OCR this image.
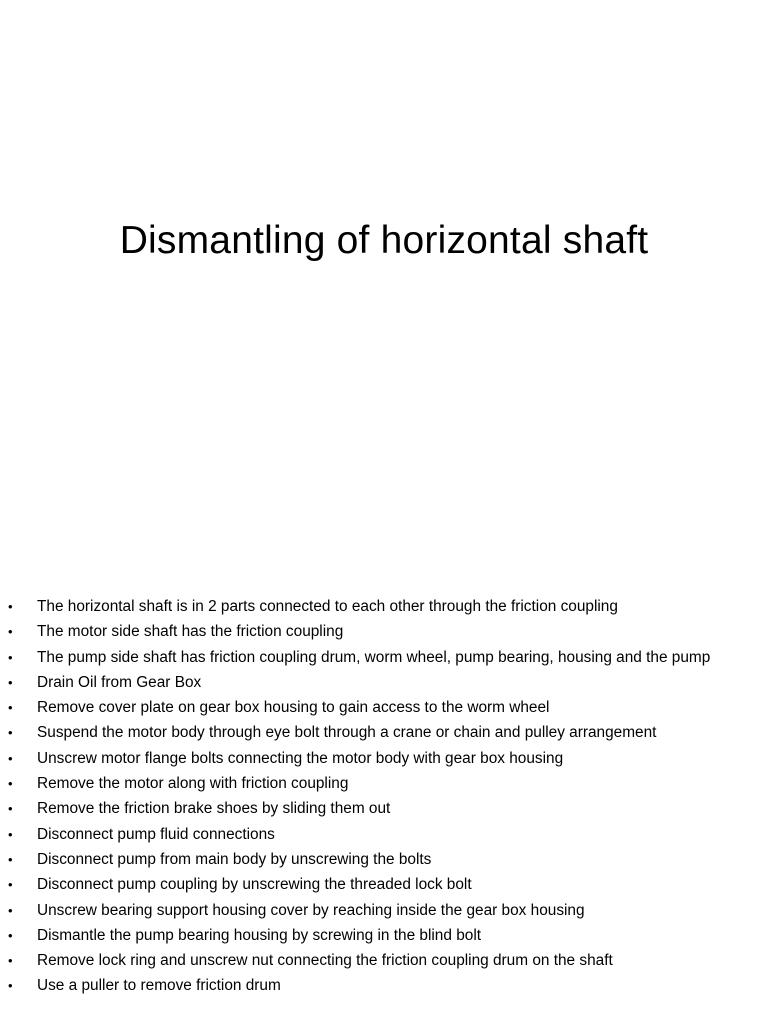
Dismantling of horizontal shaft
• The horizontal shaft is in 2 parts connected to each other through the friction coupling
• The motor side shaft has the friction coupling
• The pump side shaft has friction coupling drum, worm wheel, pump bearing, housing and the pump
• Drain Oil from Gear Box
• Remove cover plate on gear box housing to gain access to the worm wheel
• Suspend the motor body through eye bolt through a crane or chain and pulley arrangement
• Unscrew motor flange bolts connecting the motor body with gear box housing
• Remove the motor along with friction coupling
• Remove the friction brake shoes by sliding them out
• Disconnect pump fluid connections
• Disconnect pump from main body by unscrewing the bolts
• Disconnect pump coupling by unscrewing the threaded lock bolt
• Unscrew bearing support housing cover by reaching inside the gear box housing
• Dismantle the pump bearing housing by screwing in the blind bolt
• Remove lock ring and unscrew nut connecting the friction coupling drum on the shaft
• Use a puller to remove friction drum
